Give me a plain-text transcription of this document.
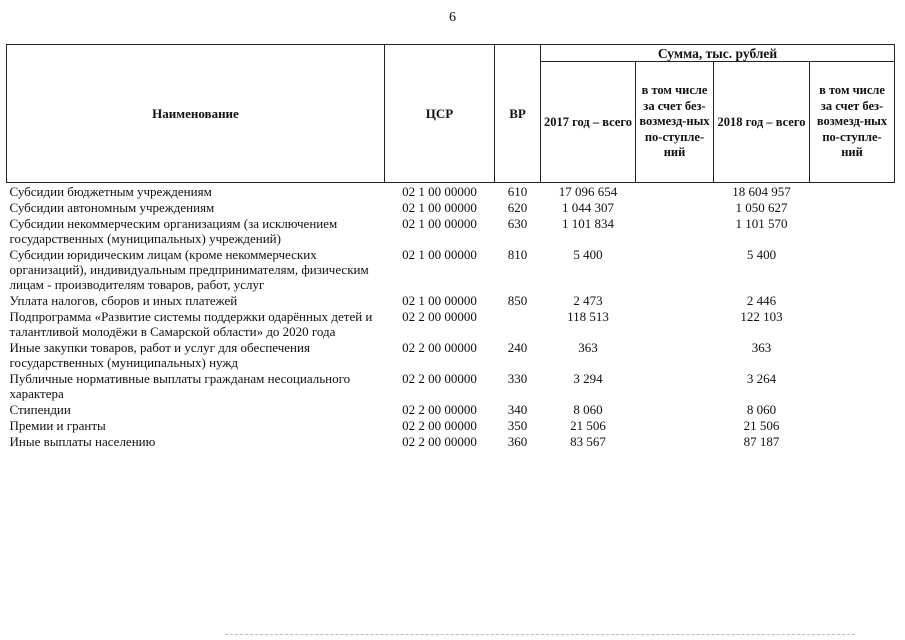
6
Наименование	ЦСР	ВР	Сумма, тыс. рублей			
			2017 год – всего	в том числе за счет без-возмезд-ных по-ступле-ний	2018 год – всего	в том числе за счет без-возмезд-ных по-ступле-ний
Субсидии бюджетным учреждениям	02 1 00 00000	610	17 096 654		18 604 957	
Субсидии автономным учреждениям	02 1 00 00000	620	1 044 307		1 050 627	
Субсидии некоммерческим организациям (за исключением государственных (муниципальных) учреждений)	02 1 00 00000	630	1 101 834		1 101 570	
Субсидии юридическим лицам (кроме некоммерческих организаций), индивидуальным предпринимателям, физическим лицам - производителям товаров, работ, услуг	02 1 00 00000	810	5 400		5 400	
Уплата налогов, сборов и иных платежей	02 1 00 00000	850	2 473		2 446	
Подпрограмма «Развитие системы поддержки одарённых детей и талантливой молодёжи в Самарской области» до 2020 года	02 2 00 00000		118 513		122 103	
Иные закупки товаров, работ и услуг для обеспечения государственных (муниципальных) нужд	02 2 00 00000	240	363		363	
Публичные нормативные выплаты гражданам несоциального характера	02 2 00 00000	330	3 294		3 264	
Стипендии	02 2 00 00000	340	8 060		8 060	
Премии и гранты	02 2 00 00000	350	21 506		21 506	
Иные выплаты населению	02 2 00 00000	360	83 567		87 187	
